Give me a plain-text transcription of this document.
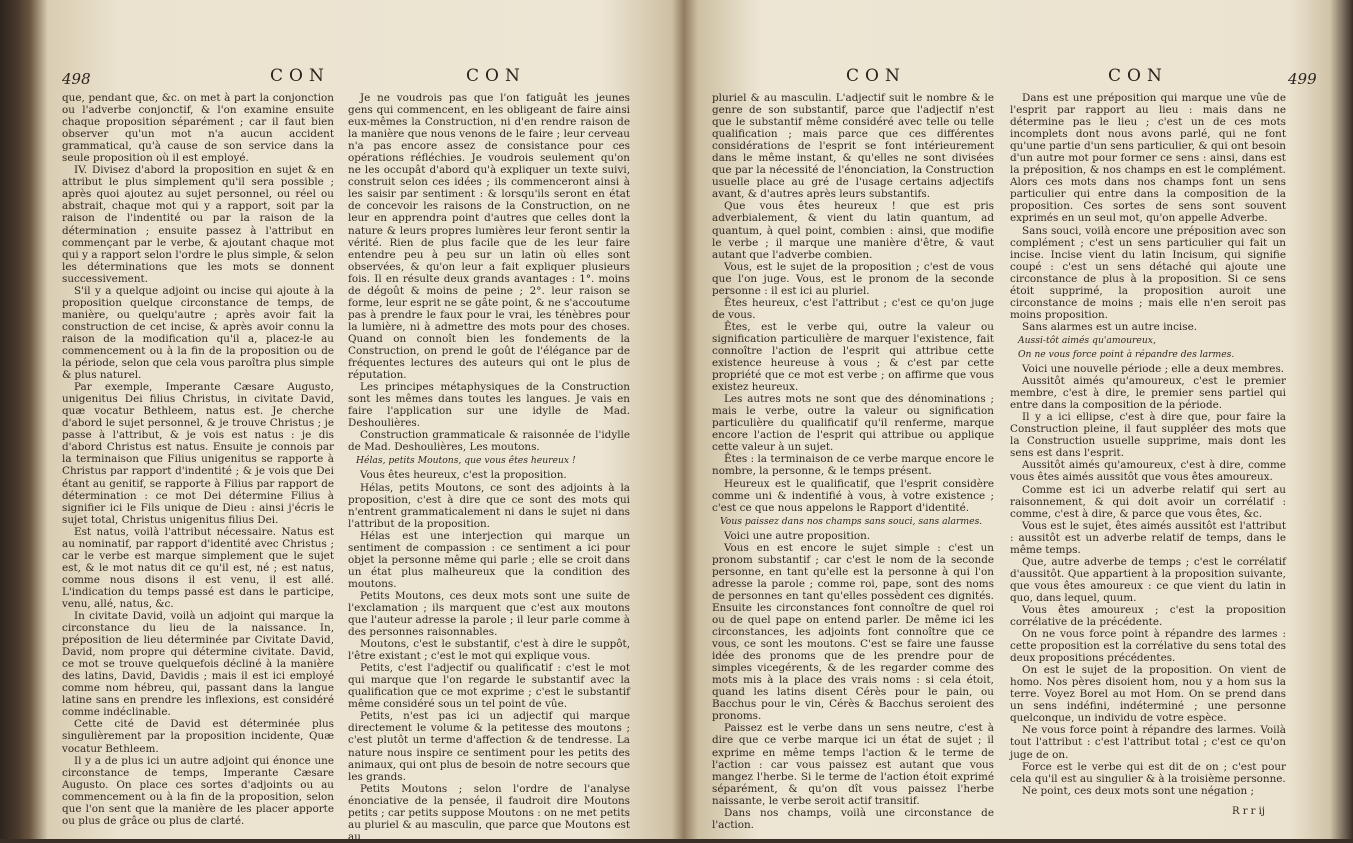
498	CON	CON

que, pendant que, &c. on met à part la conjonction ou l'adverbe conjonctif, & l'on examine ensuite chaque proposition séparément ; car il faut bien observer qu'un mot n'a aucun accident grammatical, qu'à cause de son service dans la seule proposition où il est employé.

IV. Divisez d'abord la proposition en sujet & en attribut le plus simplement qu'il sera possible ; après quoi ajoutez au sujet personnel, ou réel ou abstrait, chaque mot qui y a rapport, soit par la raison de l'indentité ou par la raison de la détermination ; ensuite passez à l'attribut en commençant par le verbe, & ajoutant chaque mot qui y a rapport selon l'ordre le plus simple, & selon les déterminations que les mots se donnent successivement.

S'il y a quelque adjoint ou incise qui ajoute à la proposition quelque circonstance de temps, de manière, ou quelqu'autre ; après avoir fait la construction de cet incise, & après avoir connu la raison de la modification qu'il a, placez-le au commencement ou à la fin de la proposition ou de la période, selon que cela vous paroîtra plus simple & plus naturel.

Par exemple, Imperante Cæsare Augusto, unigenitus Dei filius Christus, in civitate David, quæ vocatur Bethleem, natus est. Je cherche d'abord le sujet personnel, & je trouve Christus ; je passe à l'attribut, & je vois est natus : je dis d'abord Christus est natus. Ensuite je connois par la terminaison que Filius unigenitus se rapporte à Christus par rapport d'indentité ; & je vois que Dei étant au genitif, se rapporte à Filius par rapport de détermination : ce mot Dei détermine Filius à signifier ici le Fils unique de Dieu : ainsi j'écris le sujet total, Christus unigenitus filius Dei.

Est natus, voilà l'attribut nécessaire. Natus est au nominatif, par rapport d'identité avec Christus ; car le verbe est marque simplement que le sujet est, & le mot natus dit ce qu'il est, né ; est natus, comme nous disons il est venu, il est allé. L'indication du temps passé est dans le participe, venu, allé, natus, &c.

In civitate David, voilà un adjoint qui marque la circonstance du lieu de la naissance. In, préposition de lieu déterminée par Civitate David, David, nom propre qui détermine civitate. David, ce mot se trouve quelquefois décliné à la manière des latins, David, Davidis ; mais il est ici employé comme nom hébreu, qui, passant dans la langue latine sans en prendre les inflexions, est considéré comme indéclinable.

Cette cité de David est déterminée plus singulièrement par la proposition incidente, Quæ vocatur Bethleem.

Il y a de plus ici un autre adjoint qui énonce une circonstance de temps, Imperante Cæsare Augusto. On place ces sortes d'adjoints ou au commencement ou à la fin de la proposition, selon que l'on sent que la manière de les placer apporte ou plus de grâce ou plus de clarté.

Je ne voudrois pas que l'on fatiguât les jeunes gens qui commencent, en les obligeant de faire ainsi eux-mêmes la Construction, ni d'en rendre raison de la manière que nous venons de le faire ; leur cerveau n'a pas encore assez de consistance pour ces opérations réfléchies. Je voudrois seulement qu'on ne les occupât d'abord qu'à expliquer un texte suivi, construit selon ces idées ; ils commenceront ainsi à les saisir par sentiment : & lorsqu'ils seront en état de concevoir les raisons de la Construction, on ne leur en apprendra point d'autres que celles dont la nature & leurs propres lumières leur feront sentir la vérité. Rien de plus facile que de les leur faire entendre peu à peu sur un latin où elles sont observées, & qu'on leur a fait expliquer plusieurs fois. Il en résulte deux grands avantages : 1°. moins de dégoût & moins de peine ; 2°. leur raison se forme, leur esprit ne se gâte point, & ne s'accoutume pas à prendre le faux pour le vrai, les ténèbres pour la lumière, ni à admettre des mots pour des choses. Quand on connoît bien les fondements de la Construction, on prend le goût de l'élégance par de fréquentes lectures des auteurs qui ont le plus de réputation.

Les principes métaphysiques de la Construction sont les mêmes dans toutes les langues. Je vais en faire l'application sur une idylle de Mad. Deshoulières.

Construction grammaticale & raisonnée de l'idylle de Mad. Deshoulières, Les moutons.

Hélas, petits Moutons, que vous êtes heureux !

Vous êtes heureux, c'est la proposition.

Hélas, petits Moutons, ce sont des adjoints à la proposition, c'est à dire que ce sont des mots qui n'entrent grammaticalement ni dans le sujet ni dans l'attribut de la proposition.

Hélas est une interjection qui marque un sentiment de compassion : ce sentiment a ici pour objet la personne même qui parle ; elle se croit dans un état plus malheureux que la condition des moutons.

Petits Moutons, ces deux mots sont une suite de l'exclamation ; ils marquent que c'est aux moutons que l'auteur adresse la parole ; il leur parle comme à des personnes raisonnables.

Moutons, c'est le substantif, c'est à dire le suppôt, l'être existant ; c'est le mot qui explique vous.

Petits, c'est l'adjectif ou qualificatif : c'est le mot qui marque que l'on regarde le substantif avec la qualification que ce mot exprime ; c'est le substantif même considéré sous un tel point de vûe.

Petits, n'est pas ici un adjectif qui marque directement le volume & la petitesse des moutons ; c'est plutôt un terme d'affection & de tendresse. La nature nous inspire ce sentiment pour les petits des animaux, qui ont plus de besoin de notre secours que les grands.

Petits Moutons ; selon l'ordre de l'analyse énonciative de la pensée, il faudroit dire Moutons petits ; car petits suppose Moutons : on ne met petits au pluriel & au masculin, que parce que Moutons est au

CON	CON	499

pluriel & au masculin. L'adjectif suit le nombre & le genre de son substantif, parce que l'adjectif n'est que le substantif même considéré avec telle ou telle qualification ; mais parce que ces différentes considérations de l'esprit se font intérieurement dans le même instant, & qu'elles ne sont divisées que par la nécessité de l'énonciation, la Construction usuelle place au gré de l'usage certains adjectifs avant, & d'autres après leurs substantifs.

Que vous êtes heureux ! que est pris adverbialement, & vient du latin quantum, ad quantum, à quel point, combien : ainsi, que modifie le verbe ; il marque une manière d'être, & vaut autant que l'adverbe combien.

Vous, est le sujet de la proposition ; c'est de vous que l'on juge. Vous, est le pronom de la seconde personne : il est ici au pluriel.

Êtes heureux, c'est l'attribut ; c'est ce qu'on juge de vous.

Êtes, est le verbe qui, outre la valeur ou signification particulière de marquer l'existence, fait connoître l'action de l'esprit qui attribue cette existence heureuse à vous ; & c'est par cette propriété que ce mot est verbe ; on affirme que vous existez heureux.

Les autres mots ne sont que des dénominations ; mais le verbe, outre la valeur ou signification particulière du qualificatif qu'il renferme, marque encore l'action de l'esprit qui attribue ou applique cette valeur à un sujet.

Êtes : la terminaison de ce verbe marque encore le nombre, la personne, & le temps présent.

Heureux est le qualificatif, que l'esprit considère comme uni & indentifié à vous, à votre existence ; c'est ce que nous appelons le Rapport d'identité.

Vous paissez dans nos champs sans souci, sans alarmes.

Voici une autre proposition.

Vous en est encore le sujet simple : c'est un pronom substantif ; car c'est le nom de la seconde personne, en tant qu'elle est la personne à qui l'on adresse la parole ; comme roi, pape, sont des noms de personnes en tant qu'elles possèdent ces dignités. Ensuite les circonstances font connoître de quel roi ou de quel pape on entend parler. De même ici les circonstances, les adjoints font connoître que ce vous, ce sont les moutons. C'est se faire une fausse idée des pronoms que de les prendre pour de simples vicegérents, & de les regarder comme des mots mis à la place des vrais noms : si cela étoit, quand les latins disent Cérès pour le pain, ou Bacchus pour le vin, Cérès & Bacchus seroient des pronoms.

Paissez est le verbe dans un sens neutre, c'est à dire que ce verbe marque ici un état de sujet ; il exprime en même temps l'action & le terme de l'action : car vous paissez est autant que vous mangez l'herbe. Si le terme de l'action étoit exprimé séparément, & qu'on dît vous paissez l'herbe naissante, le verbe seroit actif transitif.

Dans nos champs, voilà une circonstance de l'action.

Dans est une préposition qui marque une vûe de l'esprit par rapport au lieu : mais dans ne détermine pas le lieu ; c'est un de ces mots incomplets dont nous avons parlé, qui ne font qu'une partie d'un sens particulier, & qui ont besoin d'un autre mot pour former ce sens : ainsi, dans est la préposition, & nos champs en est le complément. Alors ces mots dans nos champs font un sens particulier qui entre dans la composition de la proposition. Ces sortes de sens sont souvent exprimés en un seul mot, qu'on appelle Adverbe.

Sans souci, voilà encore une préposition avec son complément ; c'est un sens particulier qui fait un incise. Incise vient du latin Incisum, qui signifie coupé : c'est un sens détaché qui ajoute une circonstance de plus à la proposition. Si ce sens étoit supprimé, la proposition auroit une circonstance de moins ; mais elle n'en seroit pas moins proposition.

Sans alarmes est un autre incise.

Aussi-tôt aimés qu'amoureux,

On ne vous force point à répandre des larmes.

Voici une nouvelle période ; elle a deux membres.

Aussitôt aimés qu'amoureux, c'est le premier membre, c'est à dire, le premier sens partiel qui entre dans la composition de la période.

Il y a ici ellipse, c'est à dire que, pour faire la Construction pleine, il faut suppléer des mots que la Construction usuelle supprime, mais dont les sens est dans l'esprit.

Aussitôt aimés qu'amoureux, c'est à dire, comme vous êtes aimés aussitôt que vous êtes amoureux.

Comme est ici un adverbe relatif qui sert au raisonnement, & qui doit avoir un corrélatif : comme, c'est à dire, & parce que vous êtes, &c.

Vous est le sujet, êtes aimés aussitôt est l'attribut : aussitôt est un adverbe relatif de temps, dans le même temps.

Que, autre adverbe de temps ; c'est le corrélatif d'aussitôt. Que appartient à la proposition suivante, que vous êtes amoureux : ce que vient du latin in quo, dans lequel, quum.

Vous êtes amoureux ; c'est la proposition corrélative de la précédente.

On ne vous force point à répandre des larmes : cette proposition est la corrélative du sens total des deux propositions précédentes.

On est le sujet de la proposition. On vient de homo. Nos pères disoient hom, nou y a hom sus la terre. Voyez Borel au mot Hom. On se prend dans un sens indéfini, indéterminé ; une personne quelconque, un individu de votre espèce.

Ne vous force point à répandre des larmes. Voilà tout l'attribut : c'est l'attribut total ; c'est ce qu'on juge de on.

Force est le verbe qui est dit de on ; c'est pour cela qu'il est au singulier & à la troisième personne.

Ne point, ces deux mots sont une négation ;

R r r ij
